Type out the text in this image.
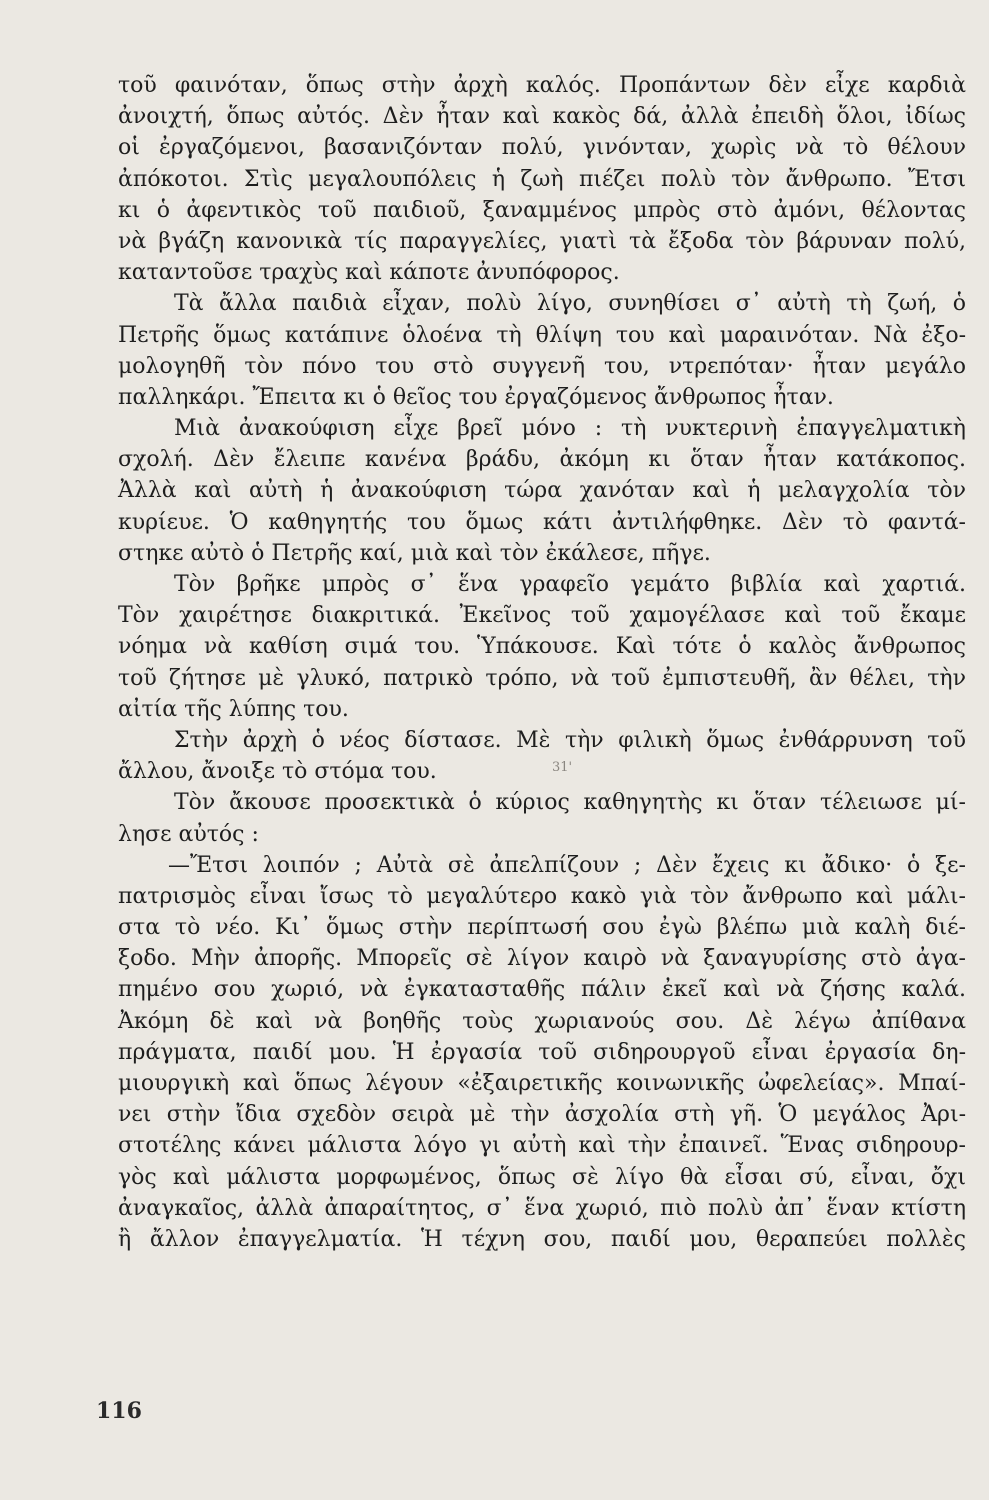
τοῦ φαινόταν, ὅπως στὴν ἀρχὴ καλός. Προπάντων δὲν εἶχε καρδιὰ
ἀνοιχτή, ὅπως αὐτός. Δὲν ἦταν καὶ κακὸς δά, ἀλλὰ ἐπειδὴ ὅλοι, ἰδίως
οἱ ἐργαζόμενοι, βασανιζόνταν πολύ, γινόνταν, χωρὶς νὰ τὸ θέλουν
ἀπόκοτοι. Στὶς μεγαλουπόλεις ἡ ζωὴ πιέζει πολὺ τὸν ἄνθρωπο. Ἔτσι
κι ὁ ἀφεντικὸς τοῦ παιδιοῦ, ξαναμμένος μπρὸς στὸ ἀμόνι, θέλοντας
νὰ βγάζη κανονικὰ τίς παραγγελίες, γιατὶ τὰ ἔξοδα τὸν βάρυναν πολύ,
καταντοῦσε τραχὺς καὶ κάποτε ἀνυπόφορος.
Τὰ ἄλλα παιδιὰ εἶχαν, πολὺ λίγο, συνηθίσει σ᾽ αὐτὴ τὴ ζωή, ὁ
Πετρῆς ὅμως κατάπινε ὁλοένα τὴ θλίψη του καὶ μαραινόταν. Νὰ ἐξο-
μολογηθῆ τὸν πόνο του στὸ συγγενῆ του, ντρεπόταν· ἦταν μεγάλο
παλληκάρι. Ἔπειτα κι ὁ θεῖος του ἐργαζόμενος ἄνθρωπος ἦταν.
Μιὰ ἀνακούφιση εἶχε βρεῖ μόνο : τὴ νυκτερινὴ ἐπαγγελματικὴ
σχολή. Δὲν ἔλειπε κανένα βράδυ, ἀκόμη κι ὅταν ἦταν κατάκοπος.
Ἀλλὰ καὶ αὐτὴ ἡ ἀνακούφιση τώρα χανόταν καὶ ἡ μελαγχολία τὸν
κυρίευε. Ὁ καθηγητής του ὅμως κάτι ἀντιλήφθηκε. Δὲν τὸ φαντά-
στηκε αὐτὸ ὁ Πετρῆς καί, μιὰ καὶ τὸν ἐκάλεσε, πῆγε.
Τὸν βρῆκε μπρὸς σ᾽ ἕνα γραφεῖο γεμάτο βιβλία καὶ χαρτιά.
Τὸν χαιρέτησε διακριτικά. Ἐκεῖνος τοῦ χαμογέλασε καὶ τοῦ ἔκαμε
νόημα νὰ καθίση σιμά του. Ὑπάκουσε. Καὶ τότε ὁ καλὸς ἄνθρωπος
τοῦ ζήτησε μὲ γλυκό, πατρικὸ τρόπο, νὰ τοῦ ἐμπιστευθῆ, ἂν θέλει, τὴν
αἰτία τῆς λύπης του.
Στὴν ἀρχὴ ὁ νέος δίστασε. Μὲ τὴν φιλικὴ ὅμως ἐνθάρρυνση τοῦ
ἄλλου, ἄνοιξε τὸ στόμα του.
Τὸν ἄκουσε προσεκτικὰ ὁ κύριος καθηγητὴς κι ὅταν τέλειωσε μί-
λησε αὐτός :
—Ἔτσι λοιπόν ; Αὐτὰ σὲ ἀπελπίζουν ; Δὲν ἔχεις κι ἄδικο· ὁ ξε-
πατρισμὸς εἶναι ἴσως τὸ μεγαλύτερο κακὸ γιὰ τὸν ἄνθρωπο καὶ μάλι-
στα τὸ νέο. Κι᾽ ὅμως στὴν περίπτωσή σου ἐγὼ βλέπω μιὰ καλὴ διέ-
ξοδο. Μὴν ἀπορῆς. Μπορεῖς σὲ λίγον καιρὸ νὰ ξαναγυρίσης στὸ ἀγα-
πημένο σου χωριό, νὰ ἐγκατασταθῆς πάλιν ἐκεῖ καὶ νὰ ζήσης καλά.
Ἀκόμη δὲ καὶ νὰ βοηθῆς τοὺς χωριανούς σου. Δὲ λέγω ἀπίθανα
πράγματα, παιδί μου. Ἡ ἐργασία τοῦ σιδηρουργοῦ εἶναι ἐργασία δη-
μιουργικὴ καὶ ὅπως λέγουν «ἐξαιρετικῆς κοινωνικῆς ὠφελείας». Μπαί-
νει στὴν ἴδια σχεδὸν σειρὰ μὲ τὴν ἀσχολία στὴ γῆ. Ὁ μεγάλος Ἀρι-
στοτέλης κάνει μάλιστα λόγο γι αὐτὴ καὶ τὴν ἐπαινεῖ. Ἕνας σιδηρουρ-
γὸς καὶ μάλιστα μορφωμένος, ὅπως σὲ λίγο θὰ εἶσαι σύ, εἶναι, ὄχι
ἀναγκαῖος, ἀλλὰ ἀπαραίτητος, σ᾽ ἕνα χωριό, πιὸ πολὺ ἀπ᾽ ἕναν κτίστη
ἢ ἄλλον ἐπαγγελματία. Ἡ τέχνη σου, παιδί μου, θεραπεύει πολλὲς
31'
116
